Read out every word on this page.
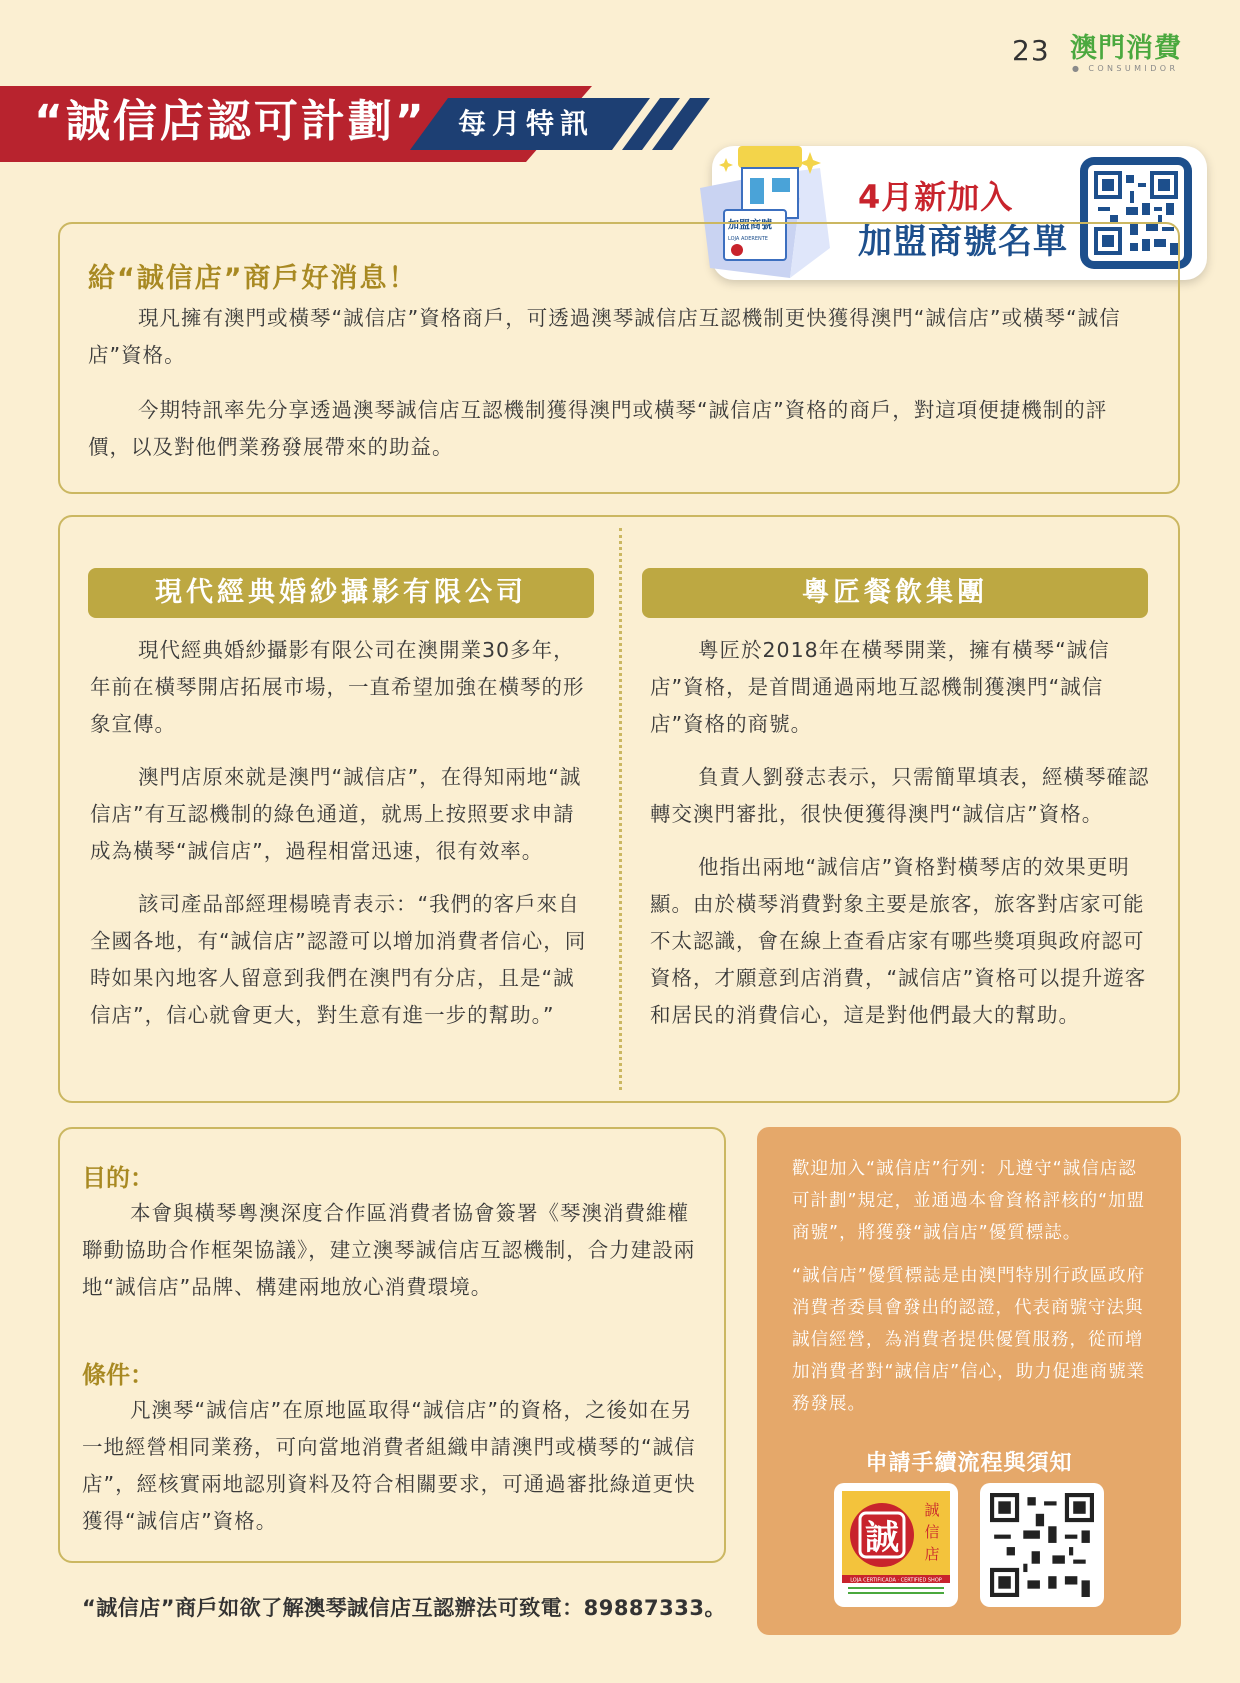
23 澳門消費
● CONSUMIDOR
“誠信店認可計劃” 每月特訊
加盟商號
LOJA ADERENTE
4月新加入
加盟商號名單
給“誠信店”商戶好消息！
現凡擁有澳門或橫琴“誠信店”資格商戶，可透過澳琴誠信店互認機制更快獲得澳門“誠信店”或橫琴“誠信店”資格。
今期特訊率先分享透過澳琴誠信店互認機制獲得澳門或橫琴“誠信店”資格的商戶，對這項便捷機制的評價，以及對他們業務發展帶來的助益。
現代經典婚紗攝影有限公司

現代經典婚紗攝影有限公司在澳開業30多年，年前在橫琴開店拓展市場，一直希望加強在橫琴的形象宣傳。

澳門店原來就是澳門“誠信店”，在得知兩地“誠信店”有互認機制的綠色通道，就馬上按照要求申請成為橫琴“誠信店”，過程相當迅速，很有效率。

該司產品部經理楊曉青表示：“我們的客戶來自全國各地，有“誠信店”認證可以增加消費者信心，同時如果內地客人留意到我們在澳門有分店，且是“誠信店”，信心就會更大，對生意有進一步的幫助。”

粵匠餐飲集團

粵匠於2018年在橫琴開業，擁有橫琴“誠信店”資格，是首間通過兩地互認機制獲澳門“誠信店”資格的商號。

負責人劉發志表示，只需簡單填表，經橫琴確認轉交澳門審批，很快便獲得澳門“誠信店”資格。

他指出兩地“誠信店”資格對橫琴店的效果更明顯。由於橫琴消費對象主要是旅客，旅客對店家可能不太認識，會在線上查看店家有哪些獎項與政府認可資格，才願意到店消費，“誠信店”資格可以提升遊客和居民的消費信心，這是對他們最大的幫助。

目的：
本會與橫琴粵澳深度合作區消費者協會簽署《琴澳消費維權聯動協助合作框架協議》，建立澳琴誠信店互認機制，合力建設兩地“誠信店”品牌、構建兩地放心消費環境。
條件：
凡澳琴“誠信店”在原地區取得“誠信店”的資格，之後如在另一地經營相同業務，可向當地消費者組織申請澳門或橫琴的“誠信店”，經核實兩地認別資料及符合相關要求，可通過審批綠道更快獲得“誠信店”資格。
“誠信店”商戶如欲了解澳琴誠信店互認辦法可致電：89887333。
歡迎加入“誠信店”行列：凡遵守“誠信店認可計劃”規定，並通過本會資格評核的“加盟商號”，將獲發“誠信店”優質標誌。
“誠信店”優質標誌是由澳門特別行政區政府消費者委員會發出的認證，代表商號守法與誠信經營，為消費者提供優質服務，從而增加消費者對“誠信店”信心，助力促進商號業務發展。
申請手續流程與須知
誠
誠
信
店
LOJA CERTIFICADA · CERTIFIED SHOP
